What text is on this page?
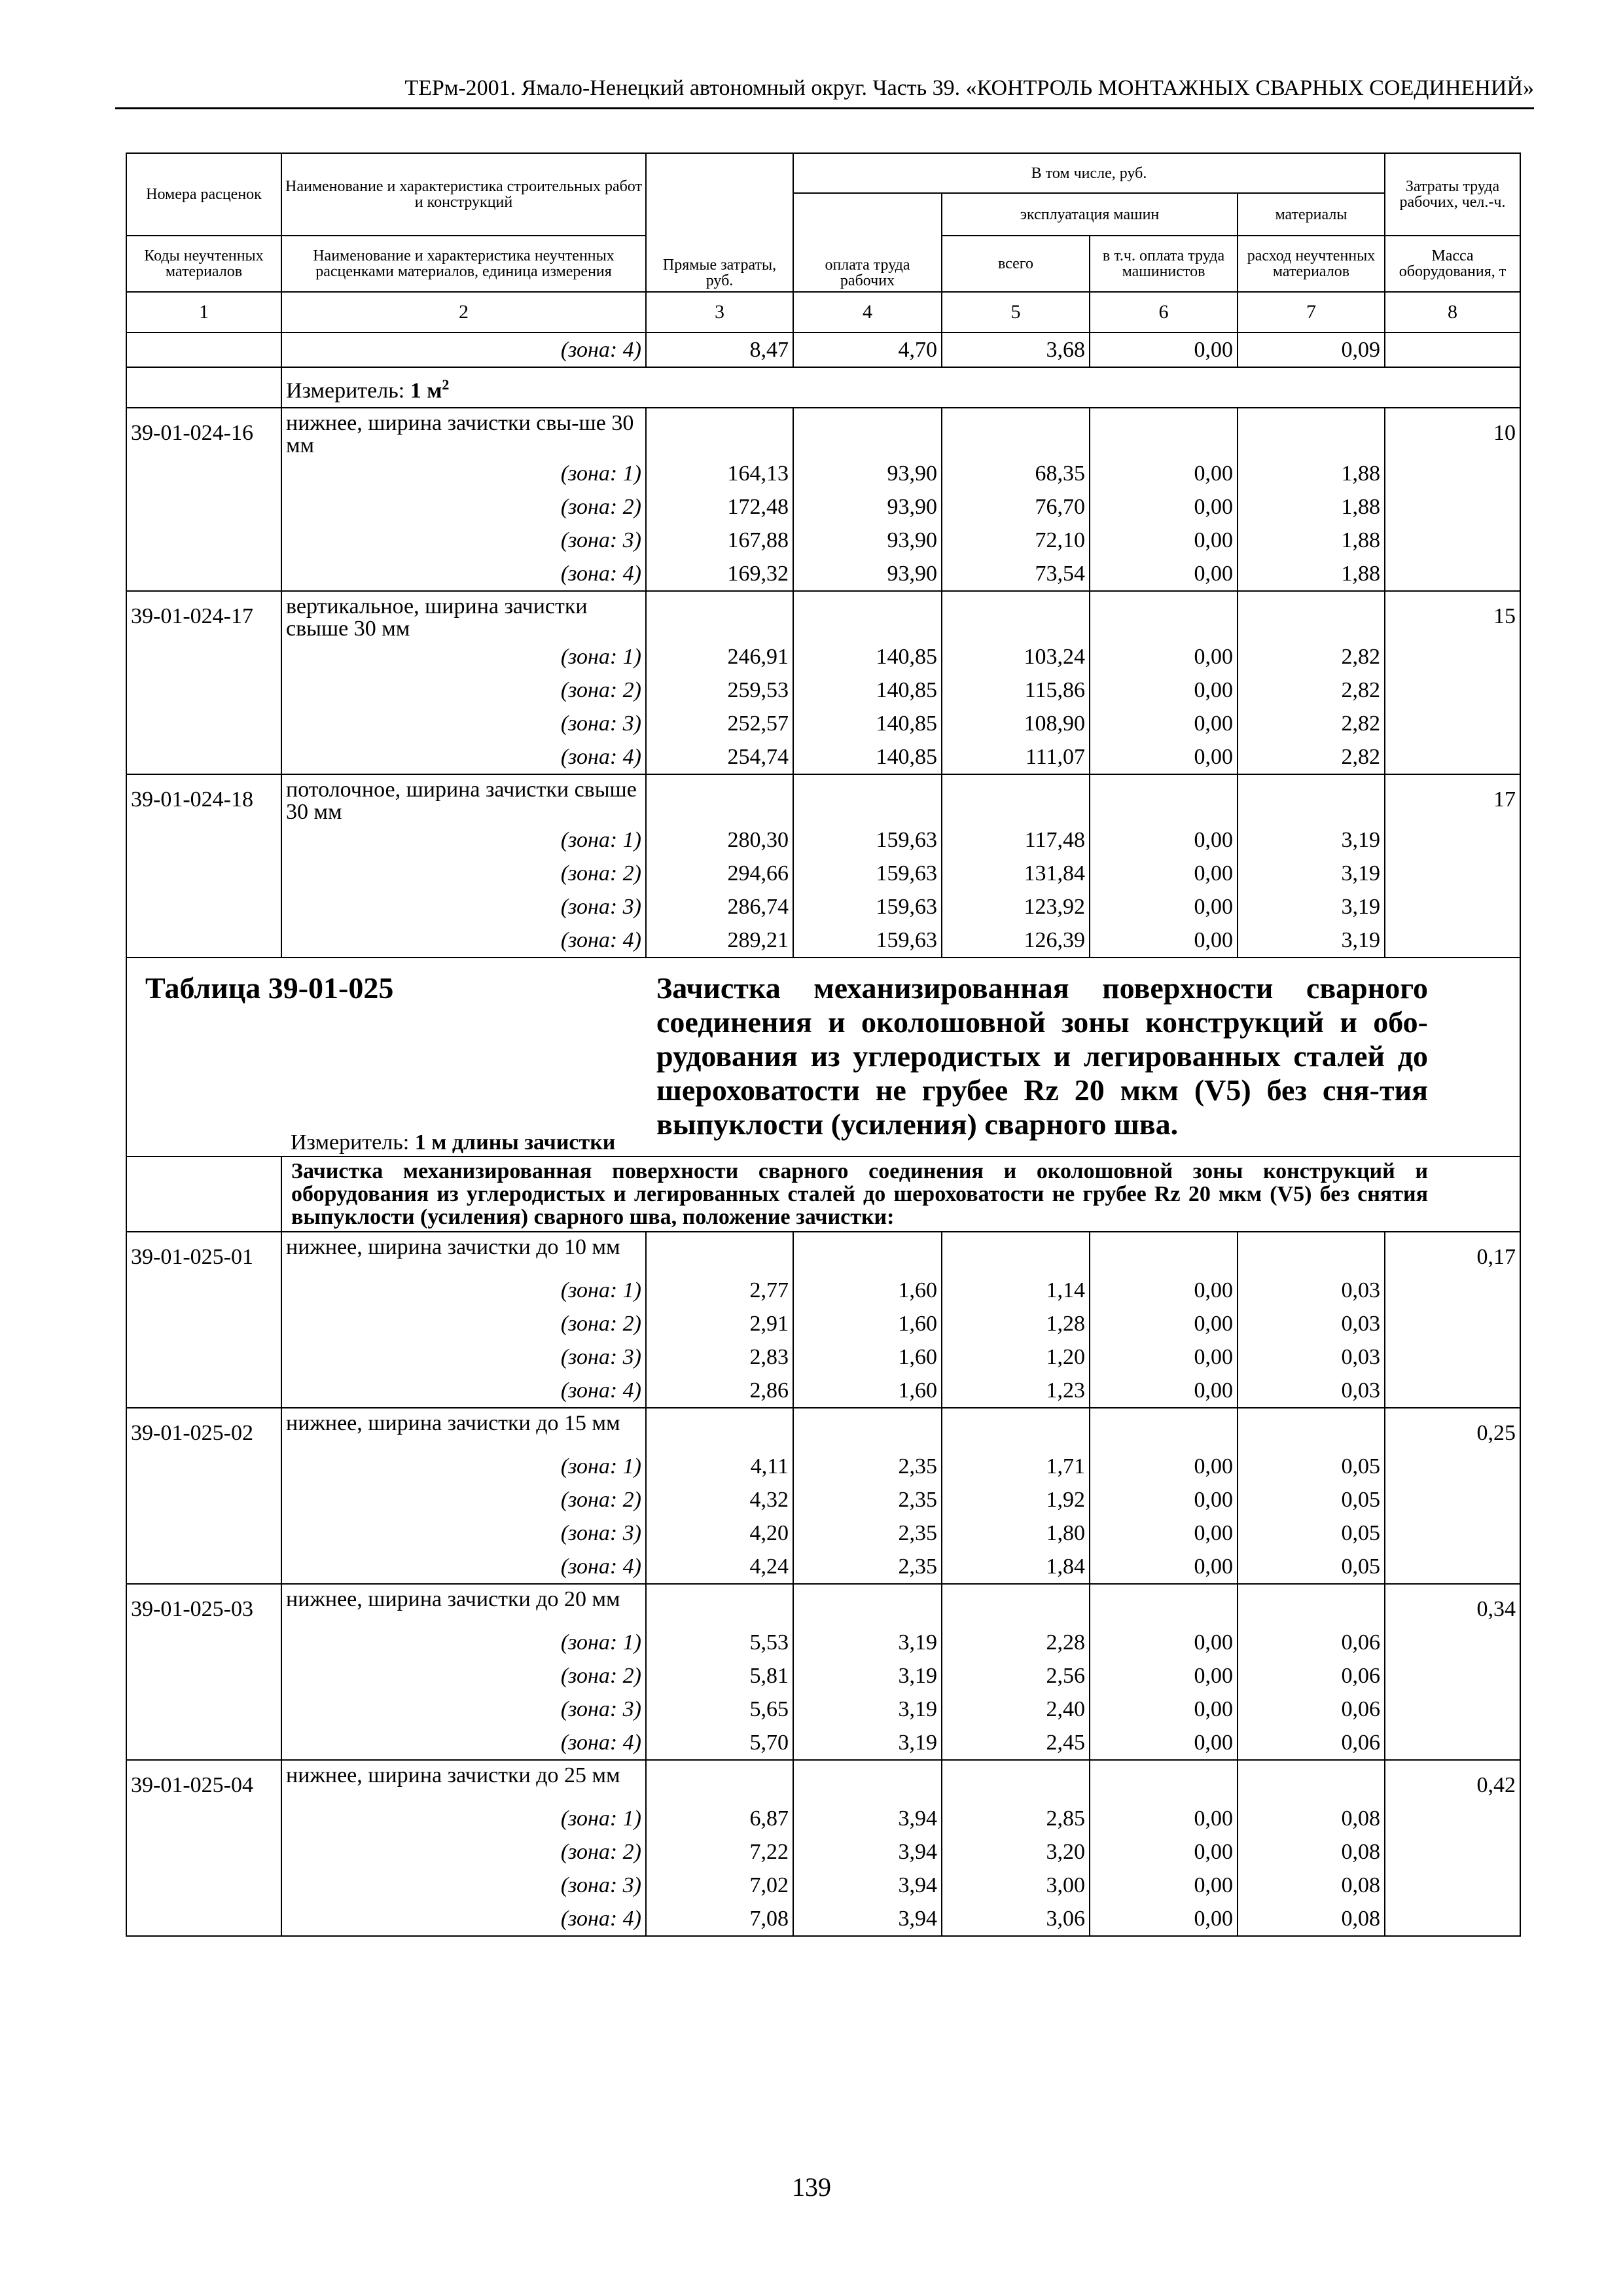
ТЕРм-2001. Ямало-Ненецкий автономный округ. Часть 39. «КОНТРОЛЬ МОНТАЖНЫХ СВАРНЫХ СОЕДИНЕНИЙ»
Номера расценок	Наименование и характеристика строительных работ и конструкций	Прямые затраты, руб.	В том числе, руб.				Затраты труда рабочих, чел.-ч.
			оплата труда рабочих	эксплуатация машин		материалы	
Коды неучтенных материалов	Наименование и характеристика неучтенных расценками материалов, единица измерения			всего	в т.ч. оплата труда машинистов	расход неучтенных материалов	Масса оборудования, т
1	2	3	4	5	6	7	8
	(зона: 4)	8,47	4,70	3,68	0,00	0,09	
	Измеритель: 1 $м^2$
39-01-024-16	нижнее, ширина зачистки свы-ше 30 мм						10
	(зона: 1)	164,13	93,90	68,35	0,00	1,88	
	(зона: 2)	172,48	93,90	76,70	0,00	1,88	
	(зона: 3)	167,88	93,90	72,10	0,00	1,88	
	(зона: 4)	169,32	93,90	73,54	0,00	1,88	
39-01-024-17	вертикальное, ширина зачистки свыше 30 мм						15
	(зона: 1)	246,91	140,85	103,24	0,00	2,82	
	(зона: 2)	259,53	140,85	115,86	0,00	2,82	
	(зона: 3)	252,57	140,85	108,90	0,00	2,82	
	(зона: 4)	254,74	140,85	111,07	0,00	2,82	
39-01-024-18	потолочное, ширина зачистки свыше 30 мм						17
	(зона: 1)	280,30	159,63	117,48	0,00	3,19	
	(зона: 2)	294,66	159,63	131,84	0,00	3,19	
	(зона: 3)	286,74	159,63	123,92	0,00	3,19	
	(зона: 4)	289,21	159,63	126,39	0,00	3,19	

Таблица 39-01-025
Измеритель: 1 м длины зачистки		Зачистка механизированная поверхности сварного соединения и околошовной зоны конструкций и обо-рудования из углеродистых и легированных сталей до шероховатости не грубее Rz 20 мкм (V5) без сня-тия выпуклости (усиления) сварного шва.					

	Зачистка механизированная поверхности сварного соединения и околошовной зоны конструкций и оборудования из углеродистых и легированных сталей до шероховатости не грубее Rz 20 мкм (V5) без снятия выпуклости (усиления) сварного шва, положение зачистки:						

39-01-025-01	нижнее, ширина зачистки до 10 мм						0,17
	(зона: 1)	2,77	1,60	1,14	0,00	0,03	
	(зона: 2)	2,91	1,60	1,28	0,00	0,03	
	(зона: 3)	2,83	1,60	1,20	0,00	0,03	
	(зона: 4)	2,86	1,60	1,23	0,00	0,03	
39-01-025-02	нижнее, ширина зачистки до 15 мм						0,25
	(зона: 1)	4,11	2,35	1,71	0,00	0,05	
	(зона: 2)	4,32	2,35	1,92	0,00	0,05	
	(зона: 3)	4,20	2,35	1,80	0,00	0,05	
	(зона: 4)	4,24	2,35	1,84	0,00	0,05	
39-01-025-03	нижнее, ширина зачистки до 20 мм						0,34
	(зона: 1)	5,53	3,19	2,28	0,00	0,06	
	(зона: 2)	5,81	3,19	2,56	0,00	0,06	
	(зона: 3)	5,65	3,19	2,40	0,00	0,06	
	(зона: 4)	5,70	3,19	2,45	0,00	0,06	
39-01-025-04	нижнее, ширина зачистки до 25 мм						0,42
	(зона: 1)	6,87	3,94	2,85	0,00	0,08	
	(зона: 2)	7,22	3,94	3,20	0,00	0,08	
	(зона: 3)	7,02	3,94	3,00	0,00	0,08	
	(зона: 4)	7,08	3,94	3,06	0,00	0,08	
139
